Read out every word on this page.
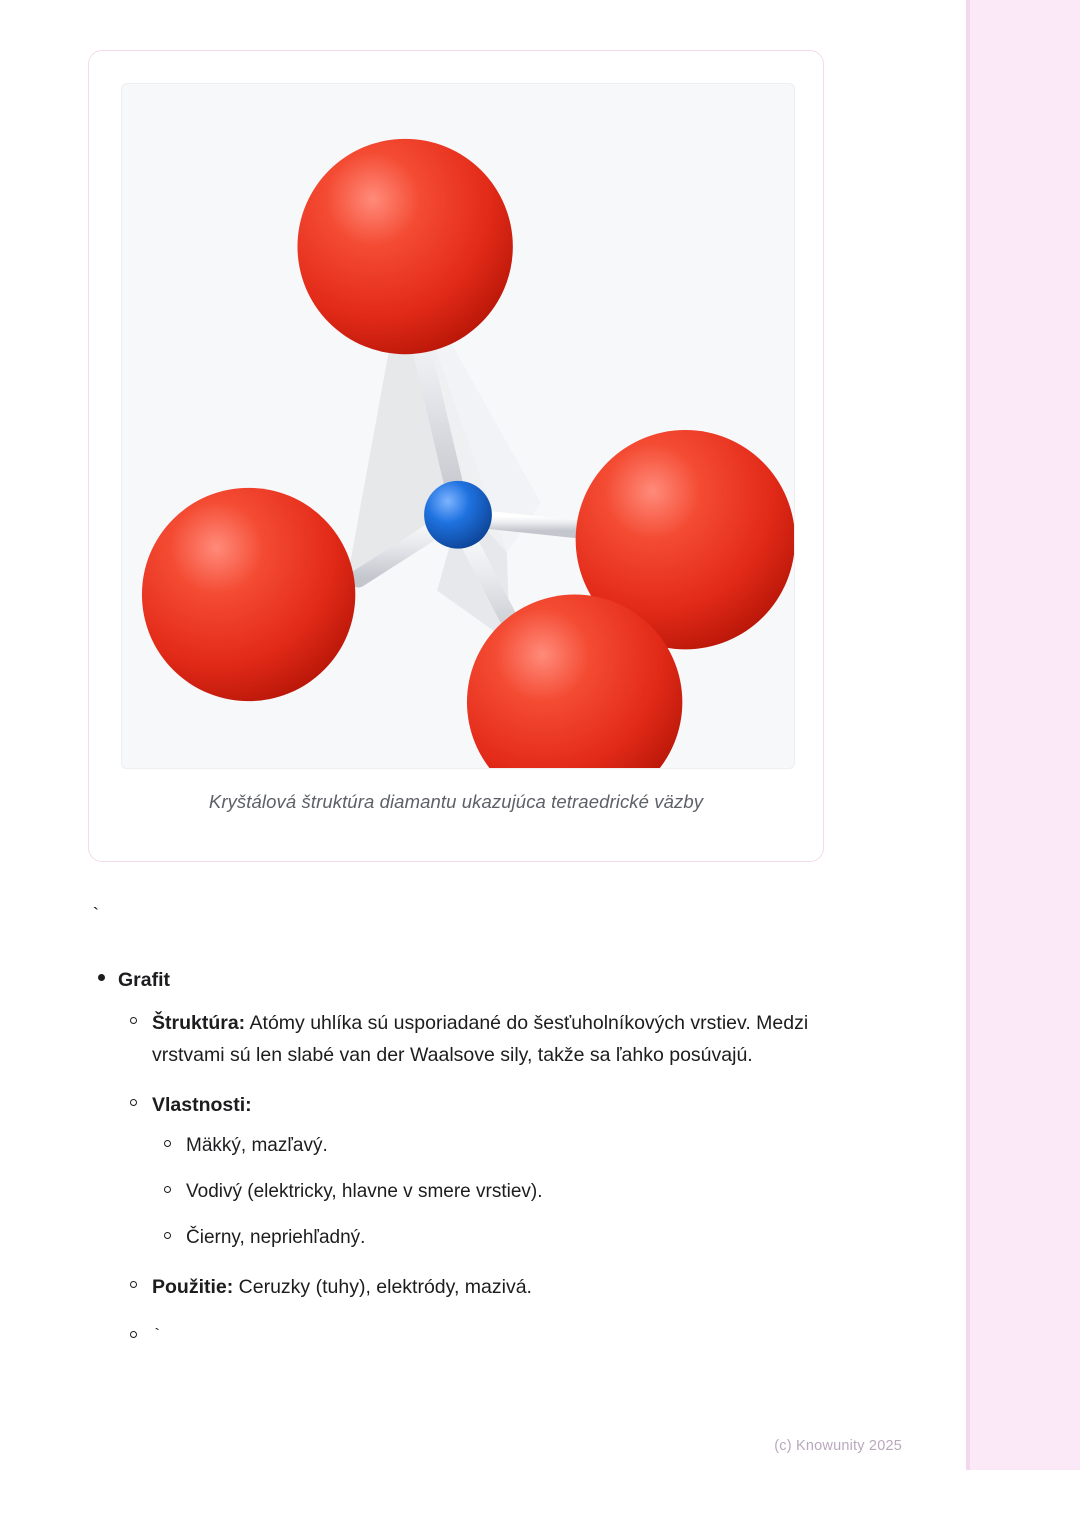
Kryštálová štruktúra diamantu ukazujúca tetraedrické väzby
`
Grafit
Štruktúra: Atómy uhlíka sú usporiadané do šesťuholníkových vrstiev. Medzi vrstvami sú len slabé van der Waalsove sily, takže sa ľahko posúvajú.
Vlastnosti:
Mäkký, mazľavý.
Vodivý (elektricky, hlavne v smere vrstiev).
Čierny, nepriehľadný.
Použitie: Ceruzky (tuhy), elektródy, mazivá.
`
(c) Knowunity 2025
